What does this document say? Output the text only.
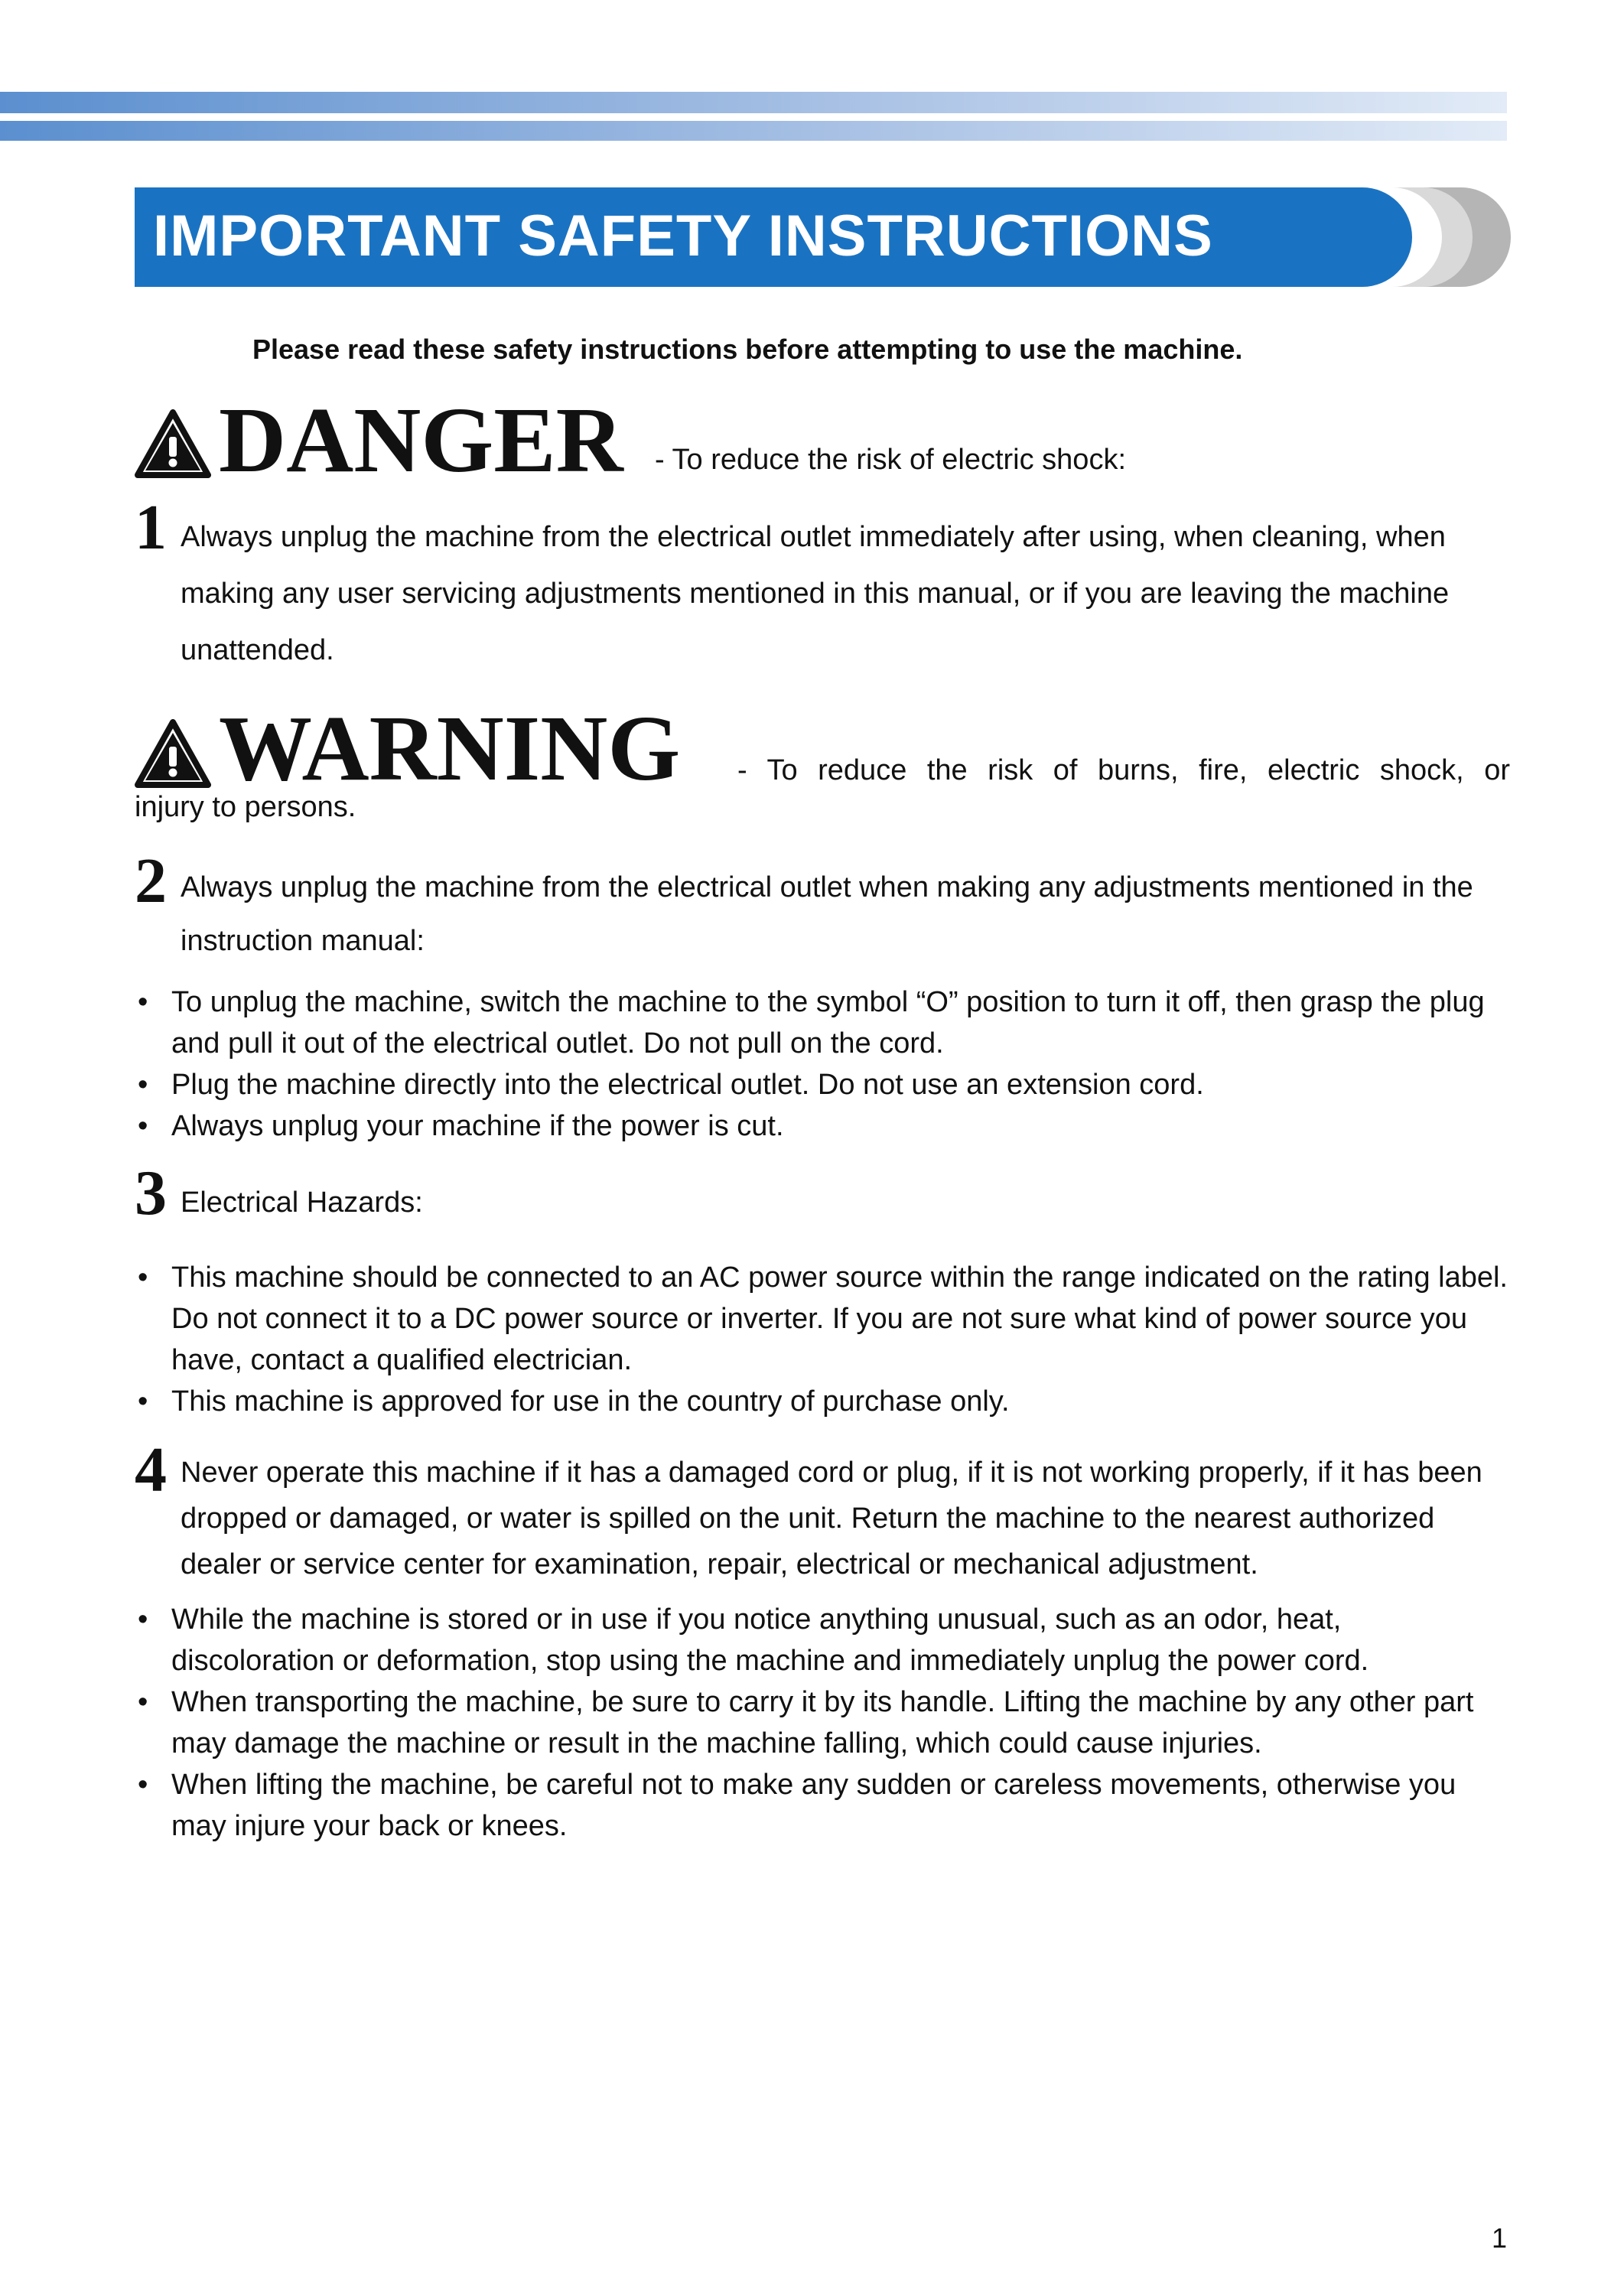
IMPORTANT SAFETY INSTRUCTIONS
Please read these safety instructions before attempting to use the machine.
DANGER - To reduce the risk of electric shock:
1 Always unplug the machine from the electrical outlet immediately after using, when cleaning, when making any user servicing adjustments mentioned in this manual, or if you are leaving the machine unattended.
WARNING - To reduce the risk of burns, fire, electric shock, or
injury to persons.
2 Always unplug the machine from the electrical outlet when making any adjustments mentioned in the instruction manual:
• To unplug the machine, switch the machine to the symbol “O” position to turn it off, then grasp the plug and pull it out of the electrical outlet. Do not pull on the cord.
• Plug the machine directly into the electrical outlet. Do not use an extension cord.
• Always unplug your machine if the power is cut.
3 Electrical Hazards:
• This machine should be connected to an AC power source within the range indicated on the rating label. Do not connect it to a DC power source or inverter. If you are not sure what kind of power source you have, contact a qualified electrician.
• This machine is approved for use in the country of purchase only.
4 Never operate this machine if it has a damaged cord or plug, if it is not working properly, if it has been dropped or damaged, or water is spilled on the unit. Return the machine to the nearest authorized dealer or service center for examination, repair, electrical or mechanical adjustment.
• While the machine is stored or in use if you notice anything unusual, such as an odor, heat, discoloration or deformation, stop using the machine and immediately unplug the power cord.
• When transporting the machine, be sure to carry it by its handle. Lifting the machine by any other part may damage the machine or result in the machine falling, which could cause injuries.
• When lifting the machine, be careful not to make any sudden or careless movements, otherwise you may injure your back or knees.
1
